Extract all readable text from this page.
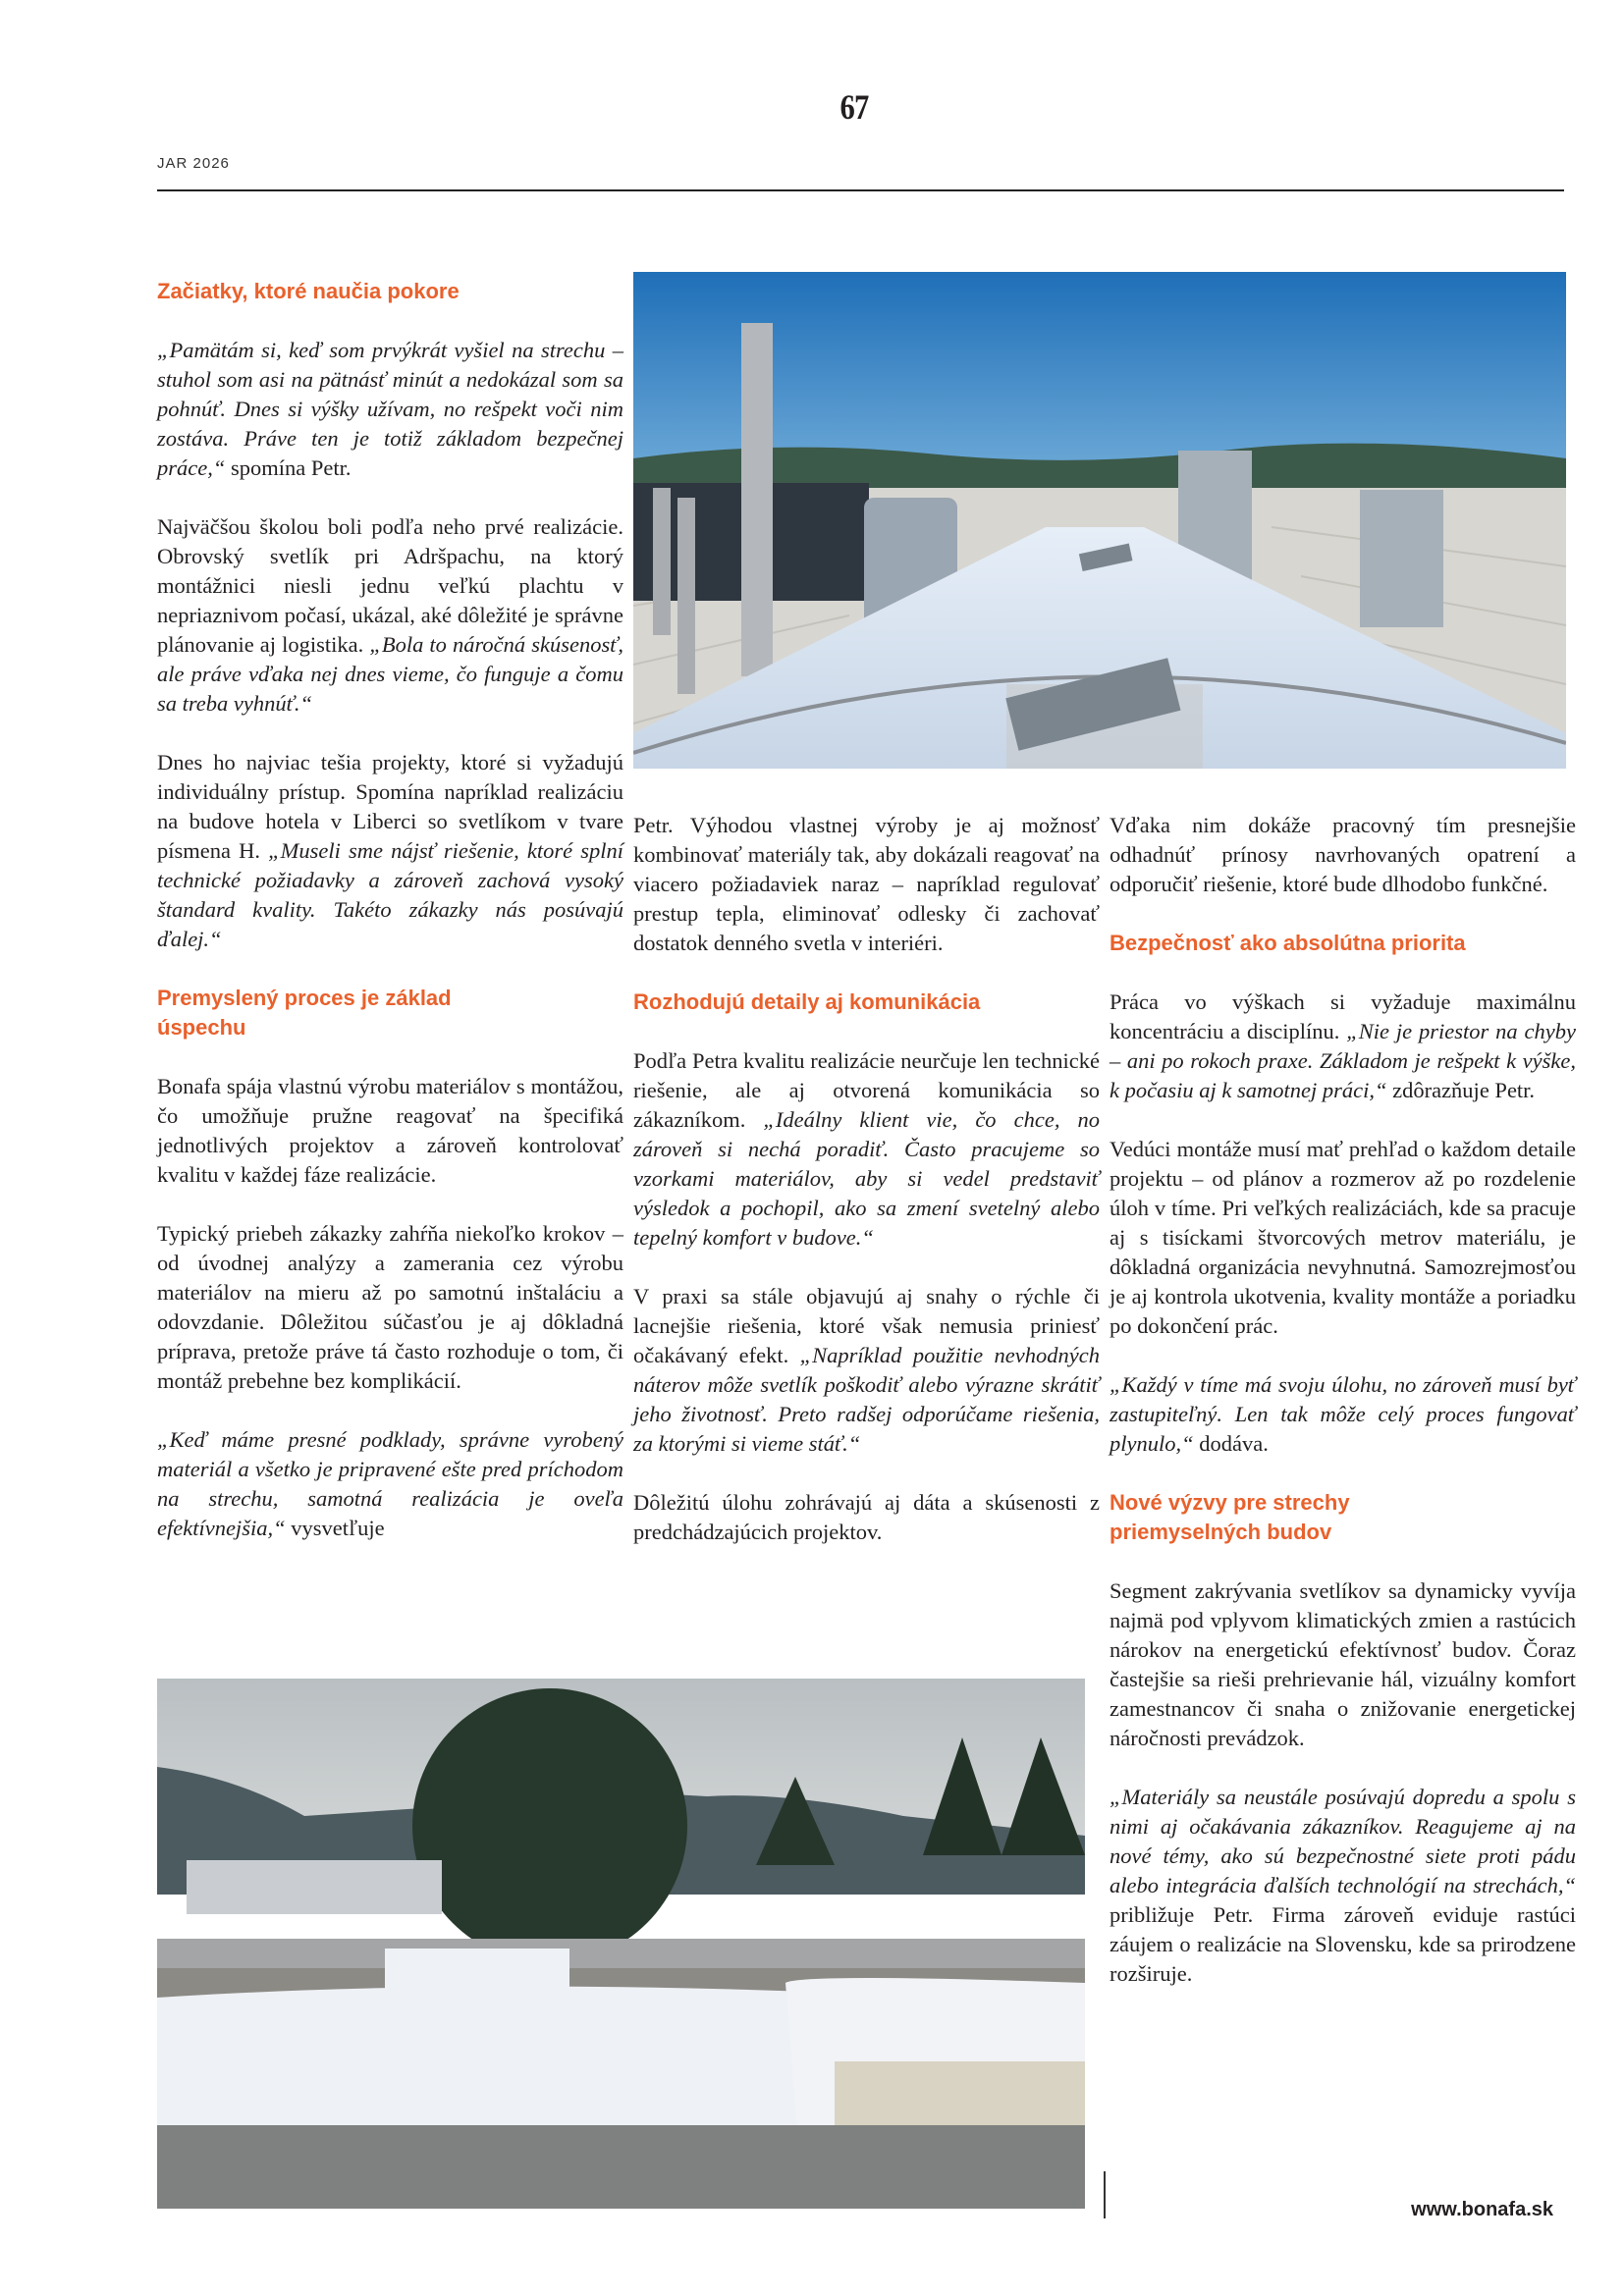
67
JAR 2026
Začiatky, ktoré naučia pokore

„Pamätám si, keď som prvýkrát vyšiel na strechu – stuhol som asi na pätnásť minút a nedokázal som sa pohnúť. Dnes si výšky užívam, no rešpekt voči nim zostáva. Práve ten je totiž základom bezpečnej práce,“ spomína Petr.

Najväčšou školou boli podľa neho prvé realizácie. Obrovský svetlík pri Adršpachu, na ktorý montážnici niesli jednu veľkú plachtu v nepriaznivom počasí, ukázal, aké dôležité je správne plánovanie aj logistika. „Bola to náročná skúsenosť, ale práve vďaka nej dnes vieme, čo funguje a čomu sa treba vyhnúť.“

Dnes ho najviac tešia projekty, ktoré si vyžadujú individuálny prístup. Spomína napríklad realizáciu na budove hotela v Liberci so svetlíkom v tvare písmena H. „Museli sme nájsť riešenie, ktoré splní technické požiadavky a zároveň zachová vysoký štandard kvality. Takéto zákazky nás posúvajú ďalej.“

Premyslený proces je základ úspechu

Bonafa spája vlastnú výrobu materiálov s montážou, čo umožňuje pružne reagovať na špecifiká jednotlivých projektov a zároveň kontrolovať kvalitu v každej fáze realizácie.

Typický priebeh zákazky zahŕňa niekoľko krokov – od úvodnej analýzy a zamerania cez výrobu materiálov na mieru až po samotnú inštaláciu a odovzdanie. Dôležitou súčasťou je aj dôkladná príprava, pretože práve tá často rozhoduje o tom, či montáž prebehne bez komplikácií.

„Keď máme presné podklady, správne vyrobený materiál a všetko je pripravené ešte pred príchodom na strechu, samotná realizácia je oveľa efektívnejšia,“ vysvetľuje

Petr. Výhodou vlastnej výroby je aj možnosť kombinovať materiály tak, aby dokázali reagovať na viacero požiadaviek naraz – napríklad regulovať prestup tepla, eliminovať odlesky či zachovať dostatok denného svetla v interiéri.

Rozhodujú detaily aj komunikácia

Podľa Petra kvalitu realizácie neurčuje len technické riešenie, ale aj otvorená komunikácia so zákazníkom. „Ideálny klient vie, čo chce, no zároveň si nechá poradiť. Často pracujeme so vzorkami materiálov, aby si vedel predstaviť výsledok a pochopil, ako sa zmení svetelný alebo tepelný komfort v budove.“

V praxi sa stále objavujú aj snahy o rýchle či lacnejšie riešenia, ktoré však nemusia priniesť očakávaný efekt. „Napríklad použitie nevhodných náterov môže svetlík poškodiť alebo výrazne skrátiť jeho životnosť. Preto radšej odporúčame riešenia, za ktorými si vieme stáť.“

Dôležitú úlohu zohrávajú aj dáta a skúsenosti z predchádzajúcich projektov.

Vďaka nim dokáže pracovný tím presnejšie odhadnúť prínosy navrhovaných opatrení a odporučiť riešenie, ktoré bude dlhodobo funkčné.

Bezpečnosť ako absolútna priorita

Práca vo výškach si vyžaduje maximálnu koncentráciu a disciplínu. „Nie je priestor na chyby – ani po rokoch praxe. Základom je rešpekt k výške, k počasiu aj k samotnej práci,“ zdôrazňuje Petr.

Vedúci montáže musí mať prehľad o každom detaile projektu – od plánov a rozmerov až po rozdelenie úloh v tíme. Pri veľkých realizáciách, kde sa pracuje aj s tisíckami štvorcových metrov materiálu, je dôkladná organizácia nevyhnutná. Samozrejmosťou je aj kontrola ukotvenia, kvality montáže a poriadku po dokončení prác.

„Každý v tíme má svoju úlohu, no zároveň musí byť zastupiteľný. Len tak môže celý proces fungovať plynulo,“ dodáva.

Nové výzvy pre strechy priemyselných budov

Segment zakrývania svetlíkov sa dynamicky vyvíja najmä pod vplyvom klimatických zmien a rastúcich nárokov na energetickú efektívnosť budov. Čoraz častejšie sa rieši prehrievanie hál, vizuálny komfort zamestnancov či snaha o znižovanie energetickej náročnosti prevádzok.

„Materiály sa neustále posúvajú dopredu a spolu s nimi aj očakávania zákazníkov. Reagujeme aj na nové témy, ako sú bezpečnostné siete proti pádu alebo integrácia ďalších technológií na strechách,“ približuje Petr. Firma zároveň eviduje rastúci záujem o realizácie na Slovensku, kde sa prirodzene rozširuje.

www.bonafa.sk
